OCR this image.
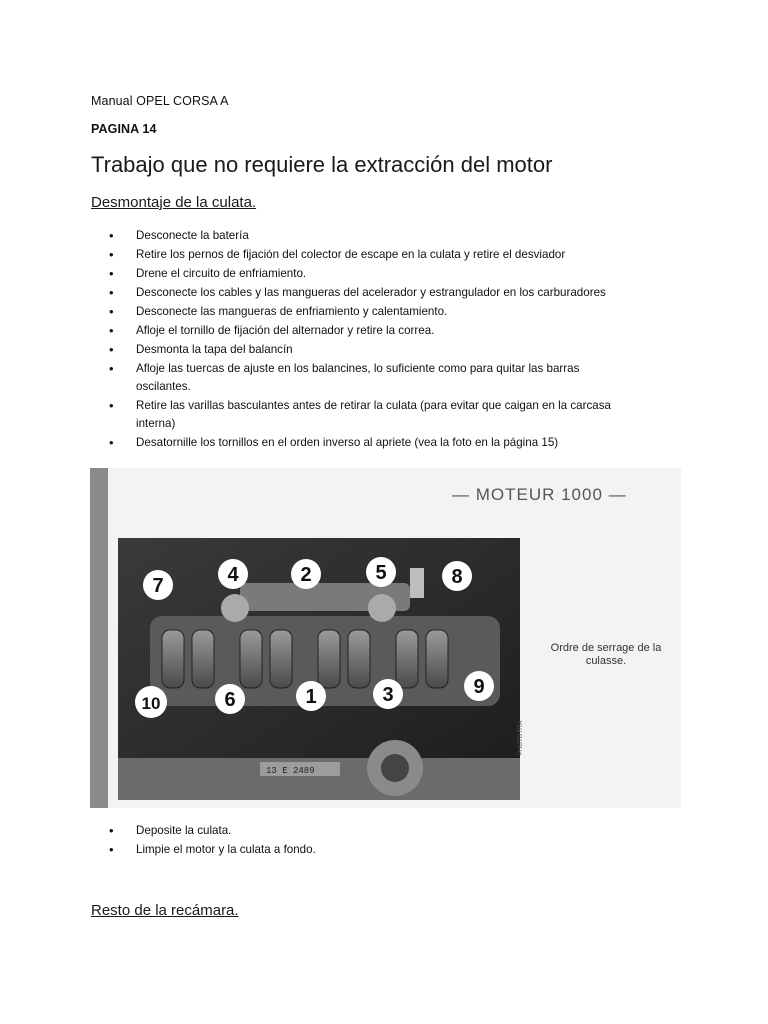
Manual OPEL CORSA A
PAGINA 14
Trabajo que no requiere la extracción del motor
Desmontaje de la culata.
• Desconecte la batería
• Retire los pernos de fijación del colector de escape en la culata y retire el desviador
• Drene el circuito de enfriamiento.
• Desconecte los cables y las mangueras del acelerador y estrangulador en los carburadores
• Desconecte las mangueras de enfriamiento y calentamiento.
• Afloje el tornillo de fijación del alternador y retire la correa.
• Desmonta la tapa del balancín
• Afloje las tuercas de ajuste en los balancines, lo suficiente como para quitar las barras oscilantes.
• Retire las varillas basculantes antes de retirar la culata (para evitar que caigan en la carcasa interna)
• Desatornille los tornillos en el orden inverso al apriete (vea la foto en la página 15)
13 E 2489
7	4	2	5	8
10	6	1	3	9
— MOTEUR 1000 —
Ordre de serrage de la
culasse.
PHOTO RTA
• Deposite la culata.
• Limpie el motor y la culata a fondo.
Resto de la recámara.
